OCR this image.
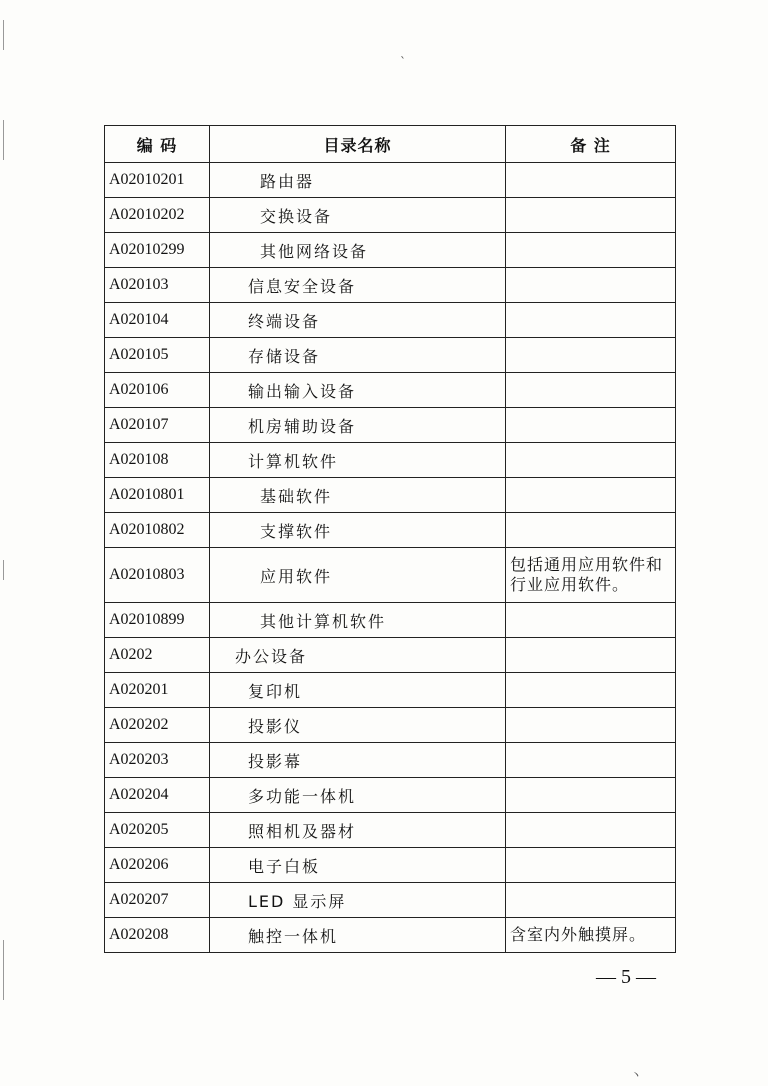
ˋ
丶
编 码	目录名称	备 注
A02010201	路由器	
A02010202	交换设备	
A02010299	其他网络设备	
A020103	信息安全设备	
A020104	终端设备	
A020105	存储设备	
A020106	输出输入设备	
A020107	机房辅助设备	
A020108	计算机软件	
A02010801	基础软件	
A02010802	支撑软件	
A02010803	应用软件	包括通用应用软件和行业应用软件。
A02010899	其他计算机软件	
A0202	办公设备	
A020201	复印机	
A020202	投影仪	
A020203	投影幕	
A020204	多功能一体机	
A020205	照相机及器材	
A020206	电子白板	
A020207	LED 显示屏	
A020208	触控一体机	含室内外触摸屏。
— 5 —
